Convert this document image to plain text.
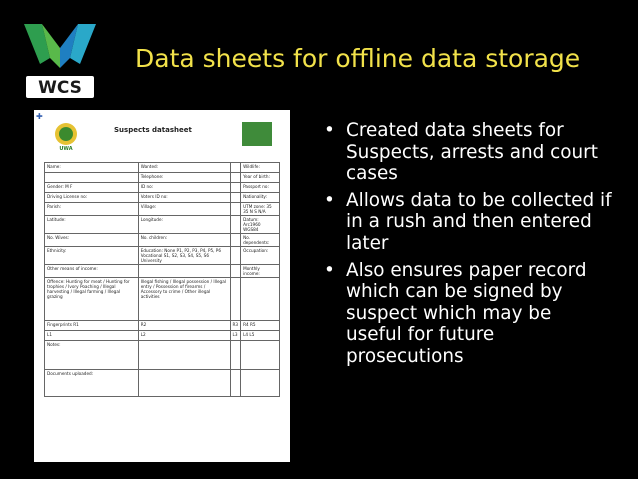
WCS
Data sheets for offline data storage
UWA
Suspects datasheet
Name:	Wanted:		Wildlife:
	Telephone:		Year of birth:
Gender: M F	ID no:		Passport no:
Driving License no:	Voters ID no:		Nationality:
Parish:	Village:		UTM zone: 35 35 N S N/A
Latitude:	Longitude:		Datum: Arc1960 WGS84
No. Wives:	No. children:		No. dependents:
Ethnicity:	Education: None P1, P2, P3, P4, P5, P6 Vocational S1, S2, S3, S4, S5, S6 University		Occupation:
Other means of income:			Monthly income:
Offence: Hunting for meat / Hunting for trophies / Ivory Poaching / Illegal harvesting / Illegal farming / Illegal grazing	Illegal fishing / Illegal possession / Illegal entry / Possession of firearms / Accessory to crime / Other illegal activities		
Fingerprints R1	R2	R3	R4 R5
L1	L2	L3	L4 L5
Notes:			
Documents uploaded:			
✚
• Created data sheets for Suspects, arrests and court cases
• Allows data to be collected if in a rush and then entered later
• Also ensures paper record which can be signed by suspect which may be useful for future prosecutions
